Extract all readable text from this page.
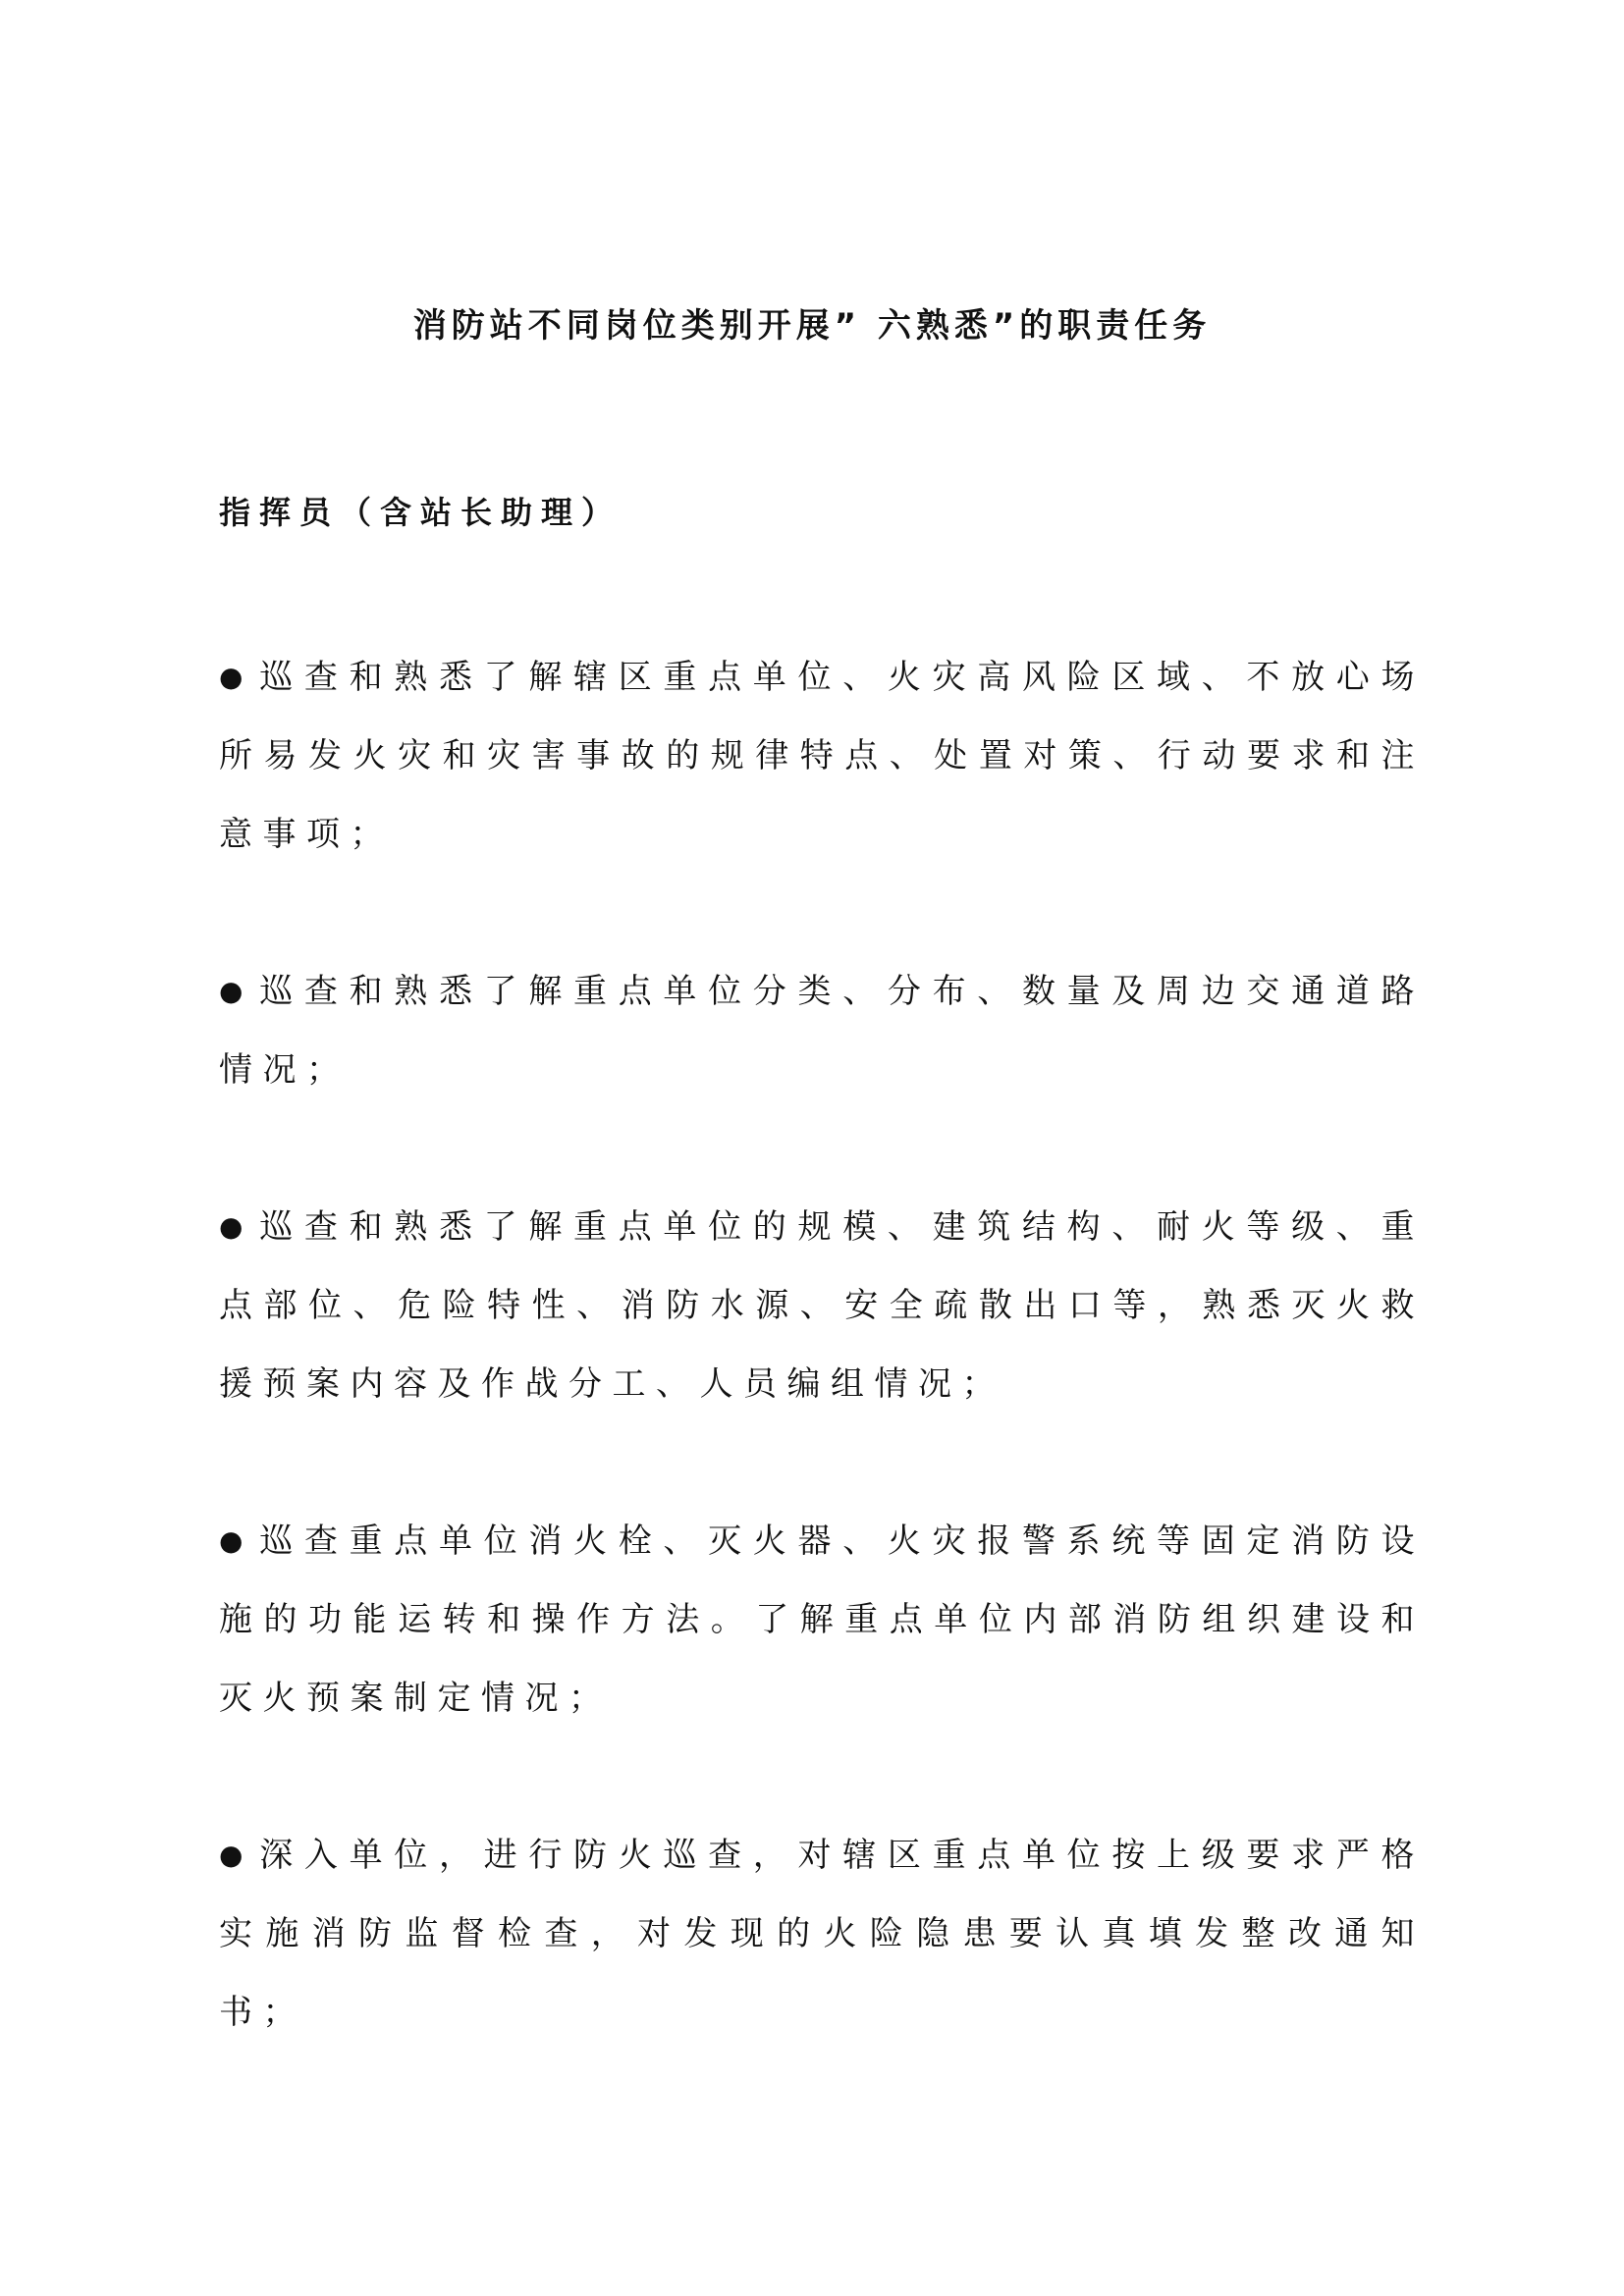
消防站不同岗位类别开展” 六熟悉”的职责任务
指挥员（含站长助理）
● 巡查和熟悉了解辖区重点单位、火灾高风险区域、不放心场所易发火灾和灾害事故的规律特点、处置对策、行动要求和注意事项；
● 巡查和熟悉了解重点单位分类、分布、数量及周边交通道路情况；
● 巡查和熟悉了解重点单位的规模、建筑结构、耐火等级、重点部位、危险特性、消防水源、安全疏散出口等，熟悉灭火救援预案内容及作战分工、人员编组情况；
● 巡查重点单位消火栓、灭火器、火灾报警系统等固定消防设施的功能运转和操作方法。了解重点单位内部消防组织建设和灭火预案制定情况；
● 深入单位，进行防火巡查，对辖区重点单位按上级要求严格实施消防监督检查，对发现的火险隐患要认真填发整改通知书；
